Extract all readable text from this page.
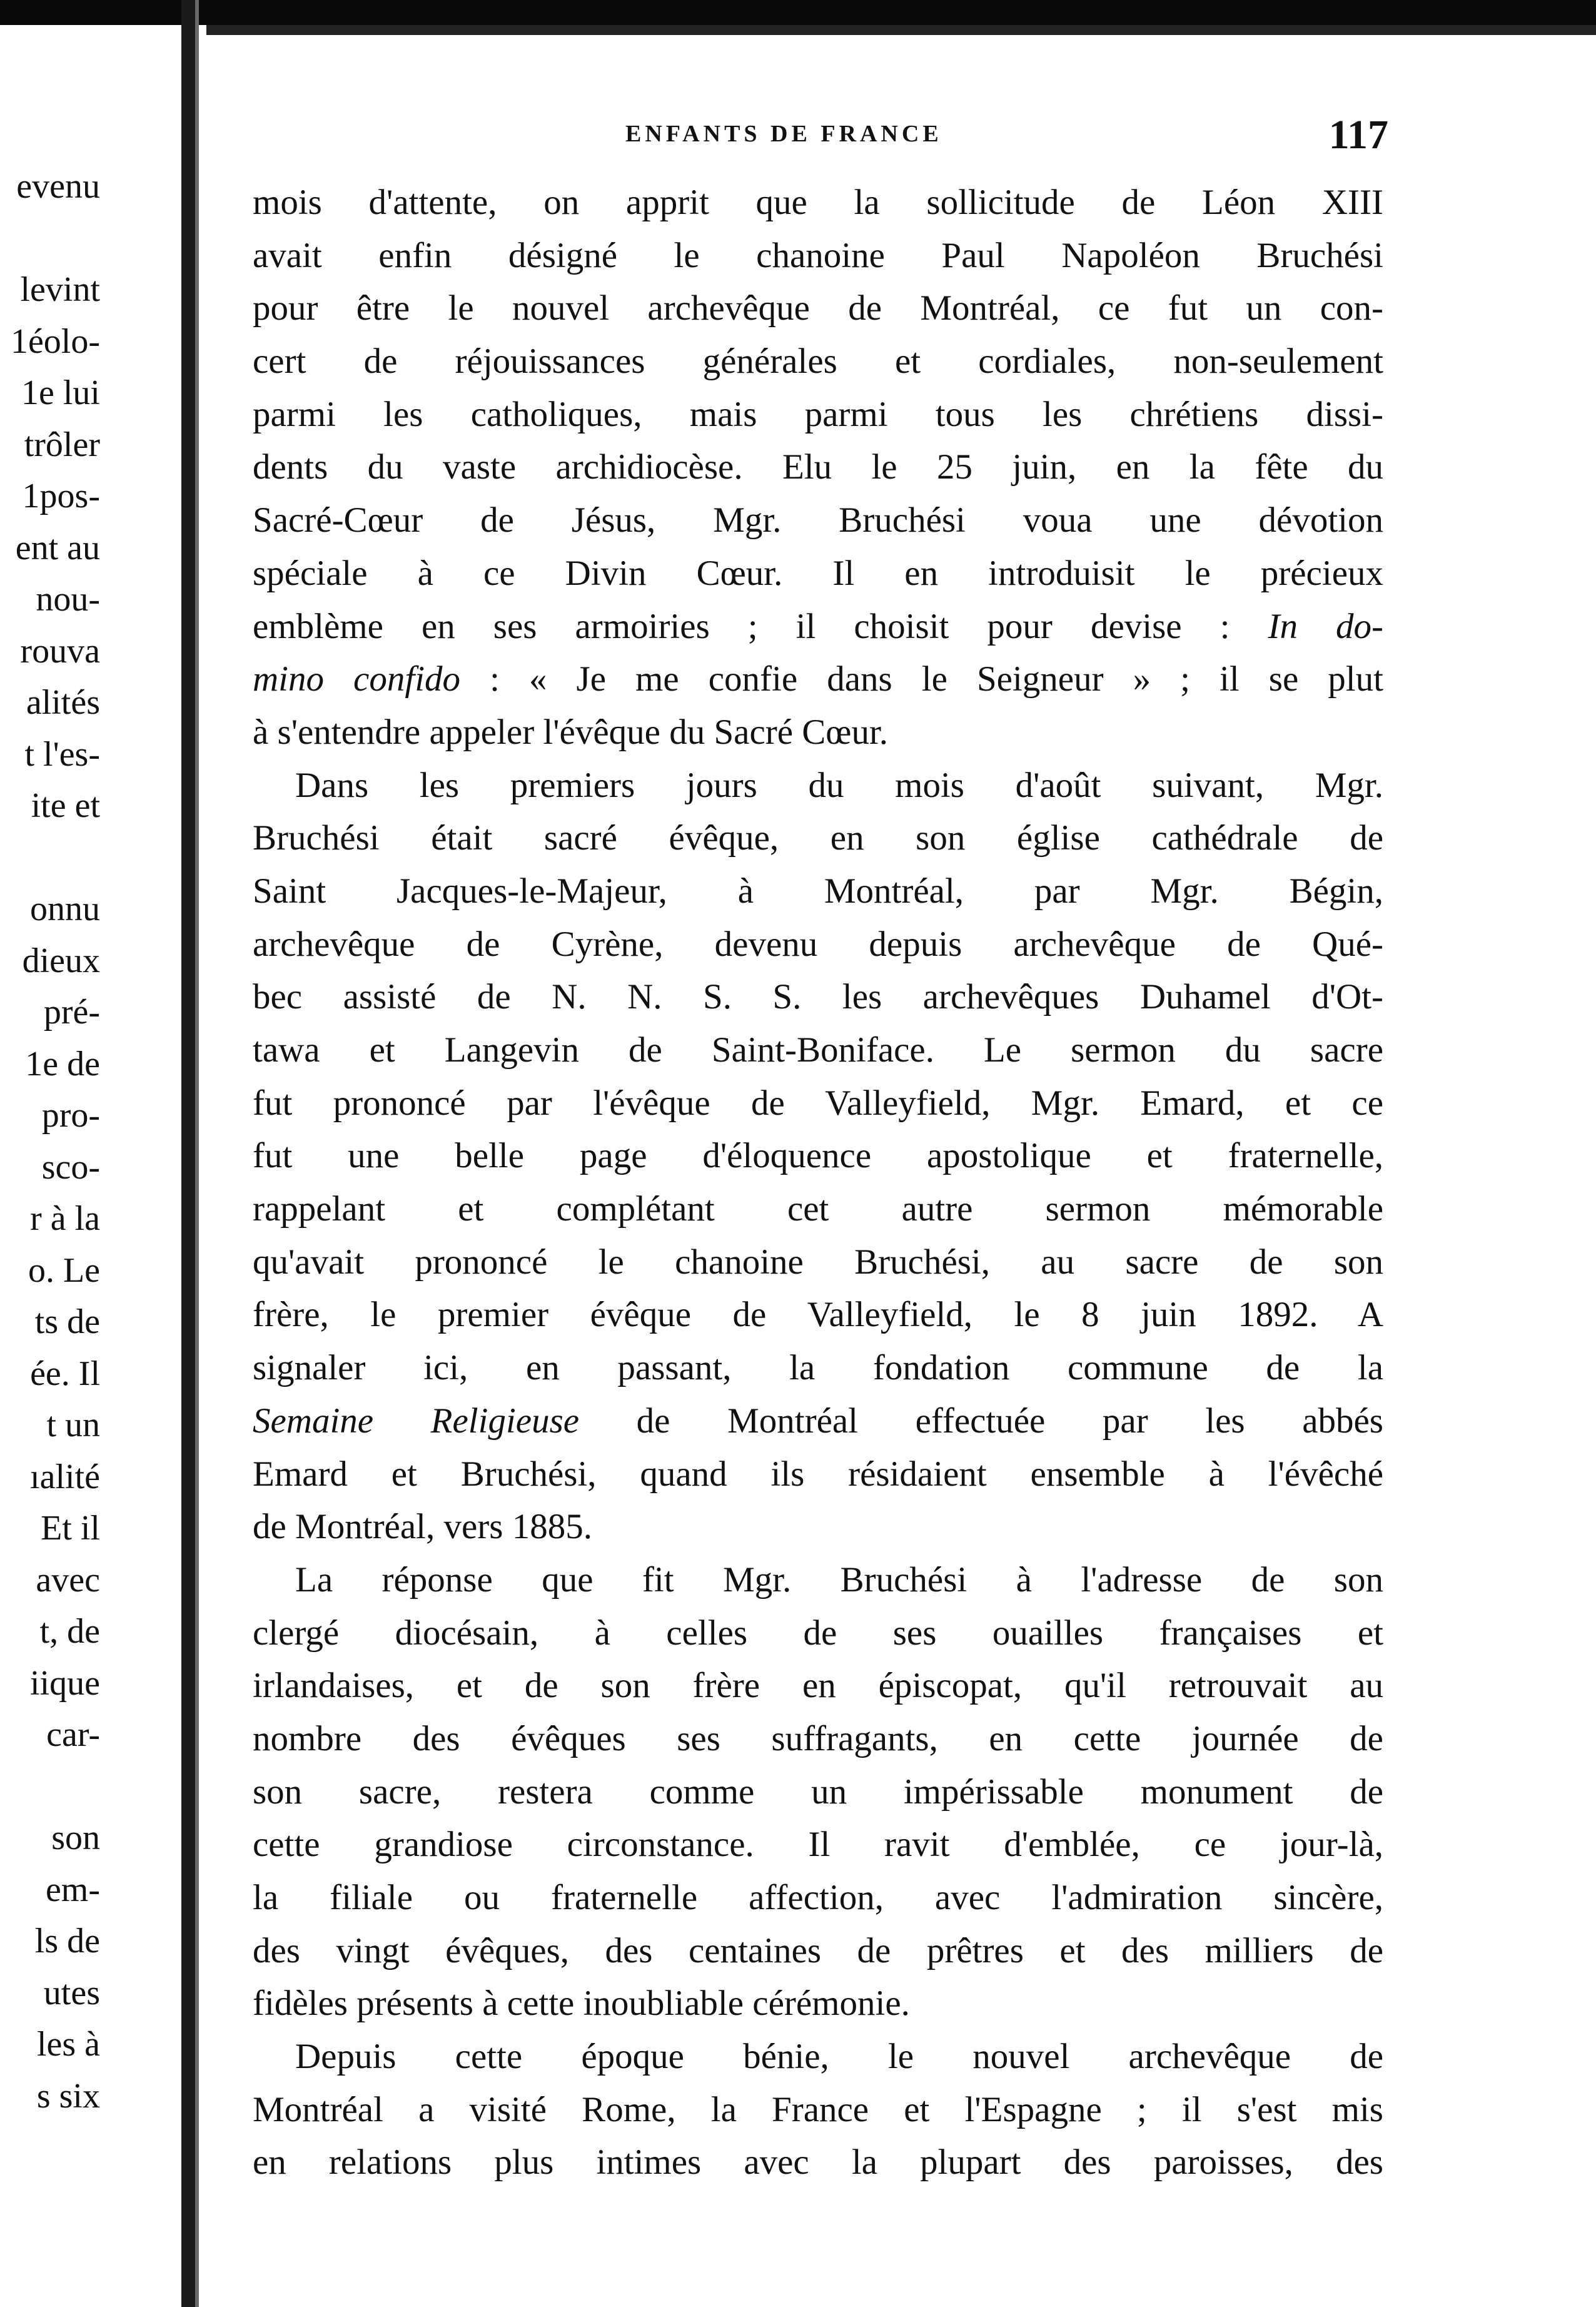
evenu
levint
1éolo-
1e lui
trôler
1pos-
ent au
nou-
rouva
alités
t l'es-
ite et
onnu
dieux
pré-
1e de
pro-
sco-
r à la
o. Le
ts de
ée. Il
t un
ıalité
Et il
avec
t, de
iique
car-
son
em-
ls de
utes
les à
s six
ENFANTS DE FRANCE	117
mois d'attente, on apprit que la sollicitude de Léon XIII
avait enfin désigné le chanoine Paul Napoléon Bruchési
pour être le nouvel archevêque de Montréal, ce fut un con-
cert de réjouissances générales et cordiales, non-seulement
parmi les catholiques, mais parmi tous les chrétiens dissi-
dents du vaste archidiocèse. Elu le 25 juin, en la fête du
Sacré-Cœur de Jésus, Mgr. Bruchési voua une dévotion
spéciale à ce Divin Cœur. Il en introduisit le précieux
emblème en ses armoiries ; il choisit pour devise : In do-
mino confido : « Je me confie dans le Seigneur » ; il se plut
à s'entendre appeler l'évêque du Sacré Cœur.
Dans les premiers jours du mois d'août suivant, Mgr.
Bruchési était sacré évêque, en son église cathédrale de
Saint Jacques-le-Majeur, à Montréal, par Mgr. Bégin,
archevêque de Cyrène, devenu depuis archevêque de Qué-
bec assisté de N. N. S. S. les archevêques Duhamel d'Ot-
tawa et Langevin de Saint-Boniface. Le sermon du sacre
fut prononcé par l'évêque de Valleyfield, Mgr. Emard, et ce
fut une belle page d'éloquence apostolique et fraternelle,
rappelant et complétant cet autre sermon mémorable
qu'avait prononcé le chanoine Bruchési, au sacre de son
frère, le premier évêque de Valleyfield, le 8 juin 1892. A
signaler ici, en passant, la fondation commune de la
Semaine Religieuse de Montréal effectuée par les abbés
Emard et Bruchési, quand ils résidaient ensemble à l'évêché
de Montréal, vers 1885.
La réponse que fit Mgr. Bruchési à l'adresse de son
clergé diocésain, à celles de ses ouailles françaises et
irlandaises, et de son frère en épiscopat, qu'il retrouvait au
nombre des évêques ses suffragants, en cette journée de
son sacre, restera comme un impérissable monument de
cette grandiose circonstance. Il ravit d'emblée, ce jour-là,
la filiale ou fraternelle affection, avec l'admiration sincère,
des vingt évêques, des centaines de prêtres et des milliers de
fidèles présents à cette inoubliable cérémonie.
Depuis cette époque bénie, le nouvel archevêque de
Montréal a visité Rome, la France et l'Espagne ; il s'est mis
en relations plus intimes avec la plupart des paroisses, des
